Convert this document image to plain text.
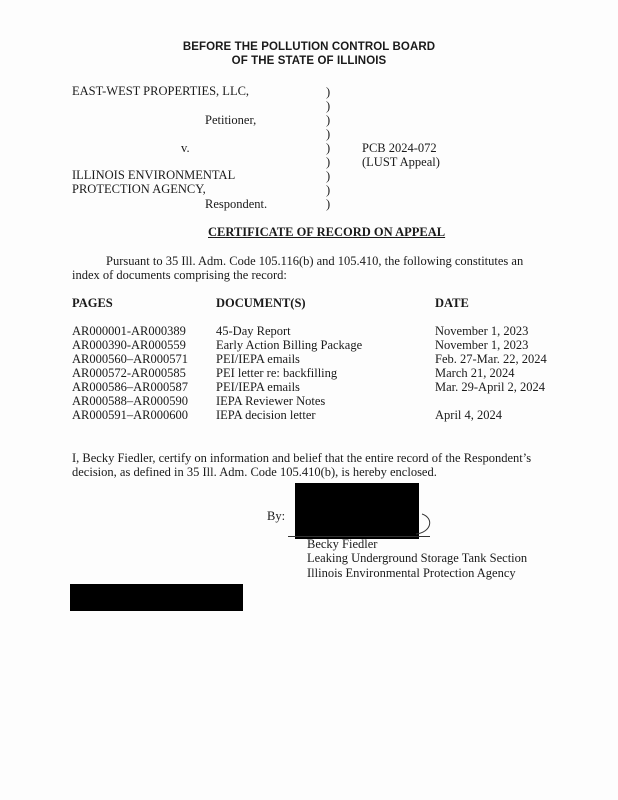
BEFORE THE POLLUTION CONTROL BOARD
OF THE STATE OF ILLINOIS
EAST-WEST PROPERTIES, LLC,
Petitioner,
v.
ILLINOIS ENVIRONMENTAL
PROTECTION AGENCY,
Respondent.
)
)
)
)
)
)
)
)
)
PCB 2024-072
(LUST Appeal)
CERTIFICATE OF RECORD ON APPEAL
Pursuant to 35 Ill. Adm. Code 105.116(b) and 105.410, the following constitutes an
index of documents comprising the record:
PAGES	DOCUMENT(S)	DATE
AR000001-AR000389 45-Day Report	November 1, 2023
AR000390-AR000559 Early Action Billing Package	November 1, 2023
AR000560–AR000571 PEI/IEPA emails	Feb. 27-Mar. 22, 2024
AR000572-AR000585 PEI letter re: backfilling	March 21, 2024
AR000586–AR000587 PEI/IEPA emails	Mar. 29-April 2, 2024
AR000588–AR000590 IEPA Reviewer Notes
AR000591–AR000600 IEPA decision letter	April 4, 2024
I, Becky Fiedler, certify on information and belief that the entire record of the Respondent’s
decision, as defined in 35 Ill. Adm. Code 105.410(b), is hereby enclosed.
By:
Becky Fiedler
Leaking Underground Storage Tank Section
Illinois Environmental Protection Agency
